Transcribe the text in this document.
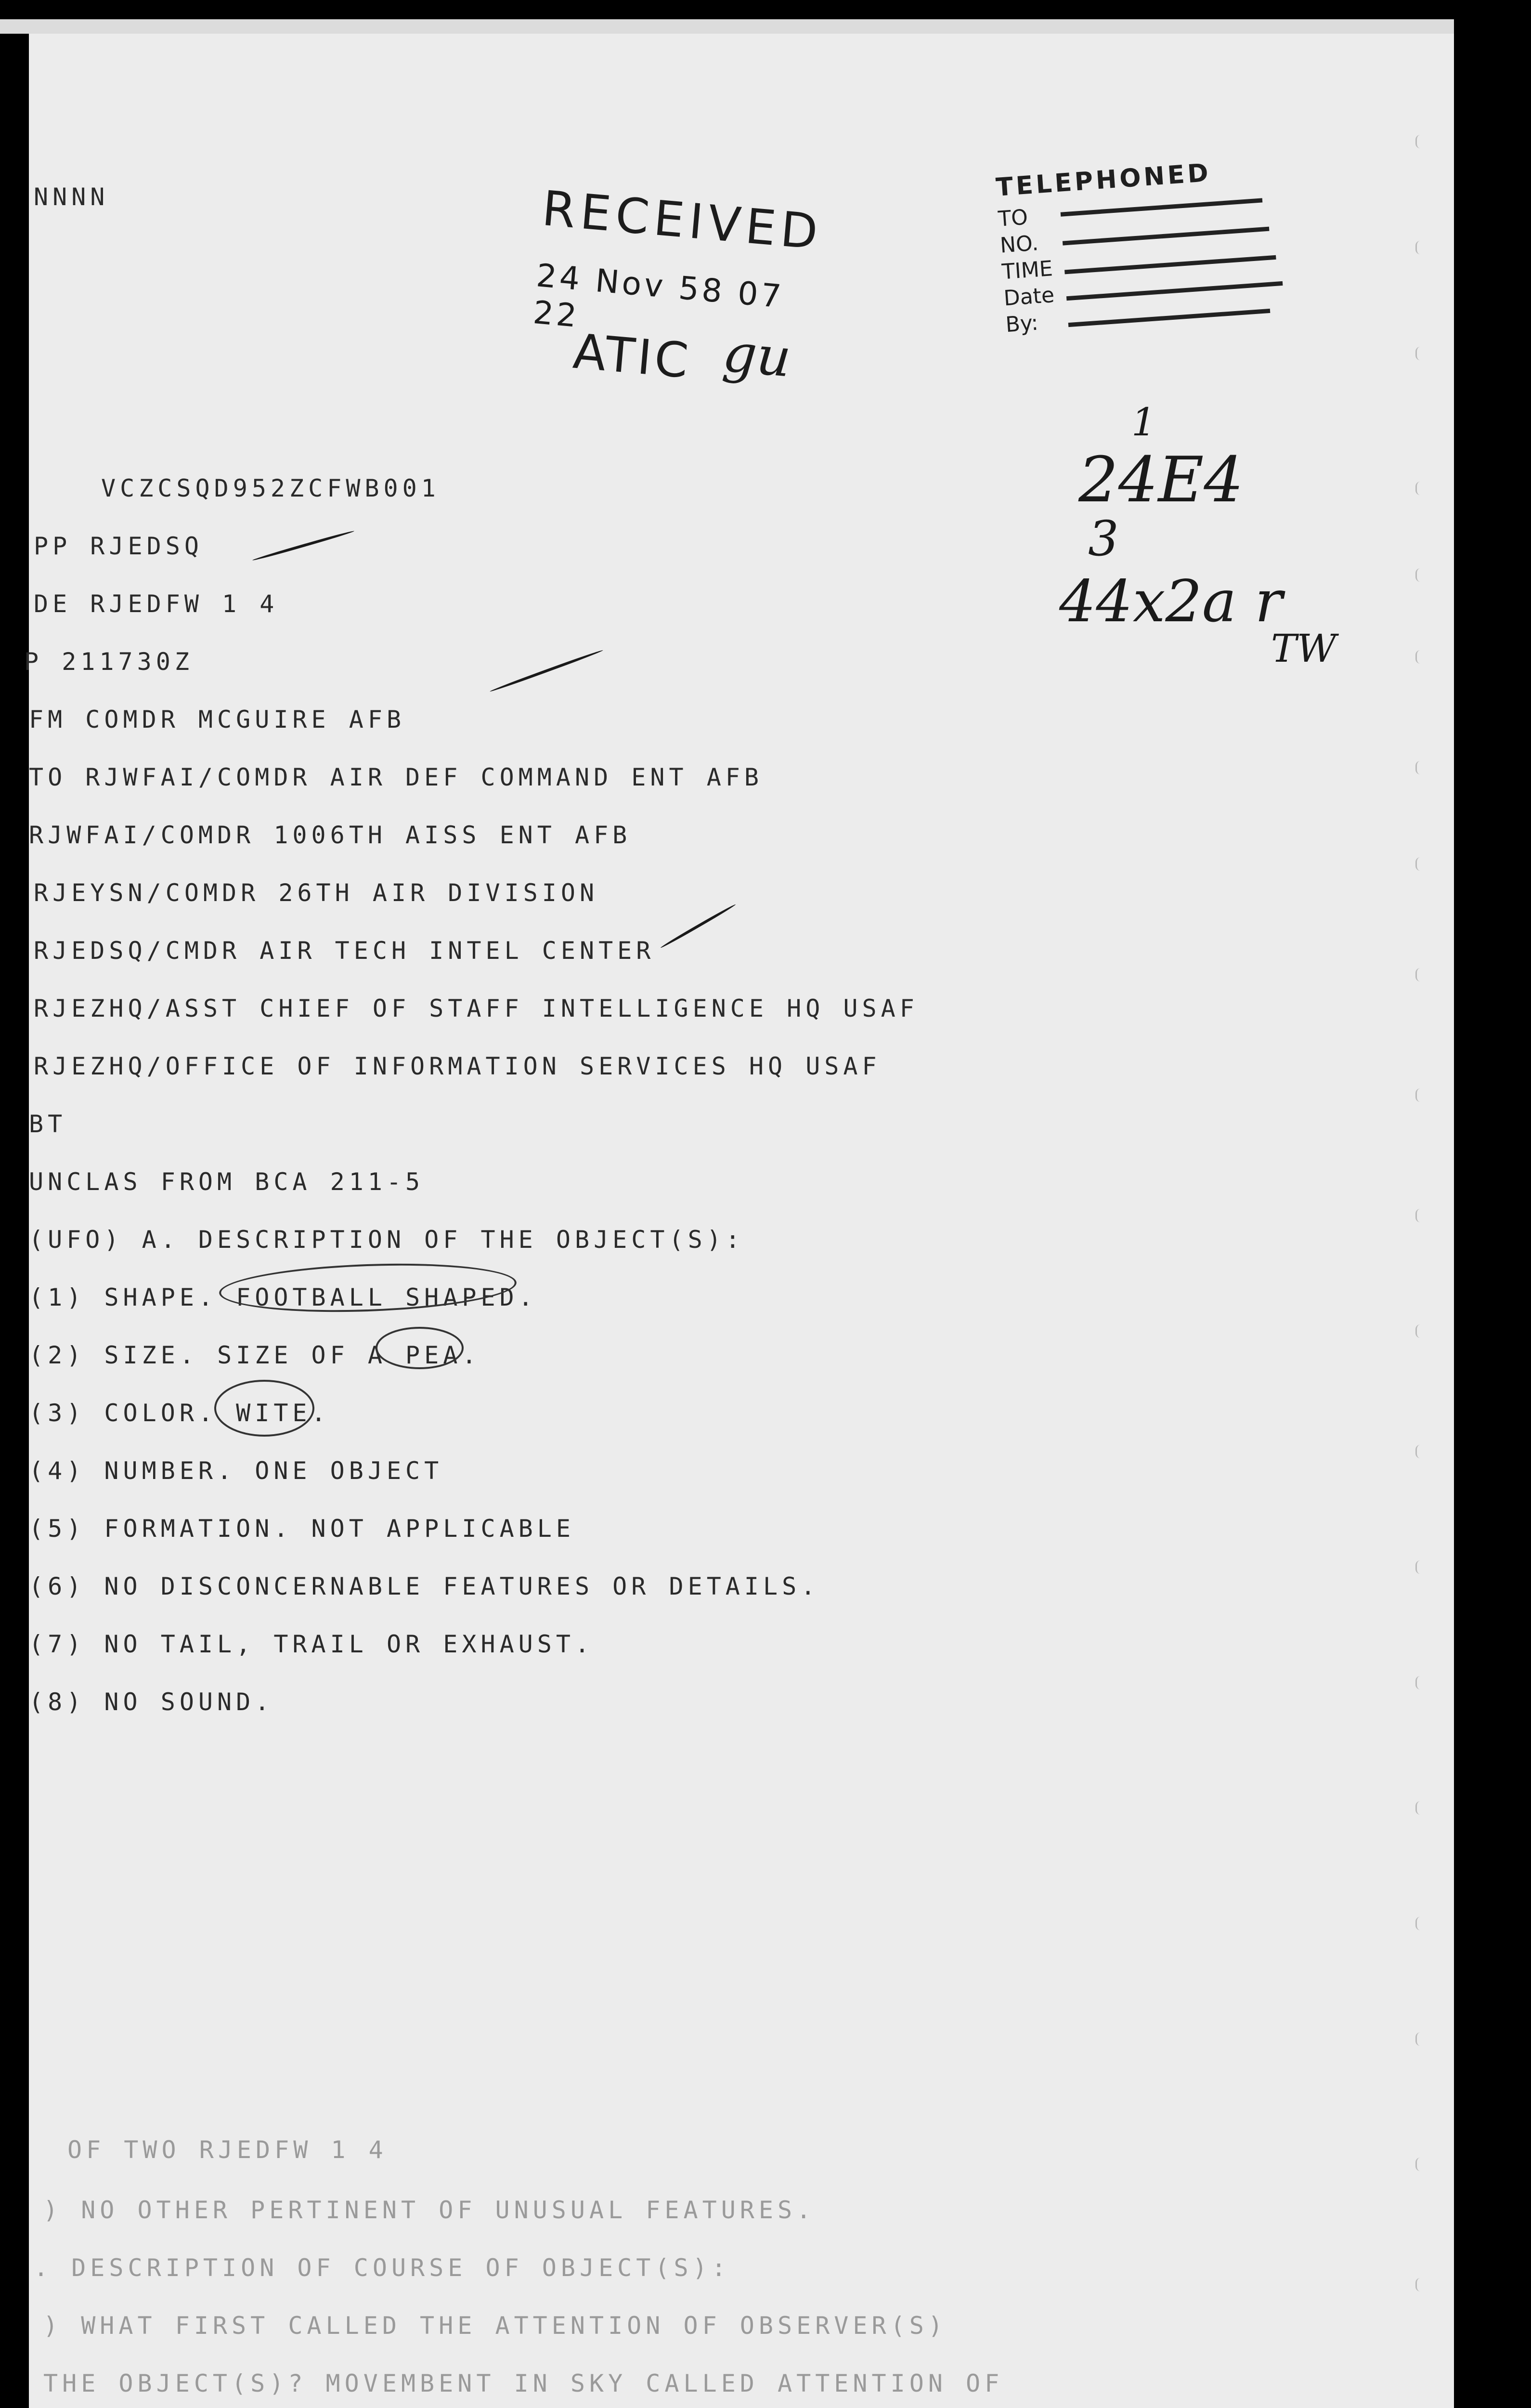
NNNN	RECEIVED
24 Nov 58 07 22
ATIC gu
TELEPHONED
TO
NO.
TIME
Date
By:
1
24E4
3
44x2a r
TW
VCZCSQD952ZCFWB001
PP RJEDSQ
DE RJEDFW 1 4
P 211730Z
FM COMDR MCGUIRE AFB
TO RJWFAI/COMDR AIR DEF COMMAND ENT AFB
RJWFAI/COMDR 1006TH AISS ENT AFB
RJEYSN/COMDR 26TH AIR DIVISION
RJEDSQ/CMDR AIR TECH INTEL CENTER
RJEZHQ/ASST CHIEF OF STAFF INTELLIGENCE HQ USAF
RJEZHQ/OFFICE OF INFORMATION SERVICES HQ USAF
BT
UNCLAS FROM BCA 211-5
(UFO) A. DESCRIPTION OF THE OBJECT(S):
(1) SHAPE. FOOTBALL SHAPED.
(2) SIZE. SIZE OF A PEA.
(3) COLOR. WITE.
(4) NUMBER. ONE OBJECT
(5) FORMATION. NOT APPLICABLE
(6) NO DISCONCERNABLE FEATURES OR DETAILS.
(7) NO TAIL, TRAIL OR EXHAUST.
(8) NO SOUND.
OF TWO RJEDFW 1 4
) NO OTHER PERTINENT OF UNUSUAL FEATURES.
. DESCRIPTION OF COURSE OF OBJECT(S):
) WHAT FIRST CALLED THE ATTENTION OF OBSERVER(S)
THE OBJECT(S)? MOVEMBENT IN SKY CALLED ATTENTION OF
